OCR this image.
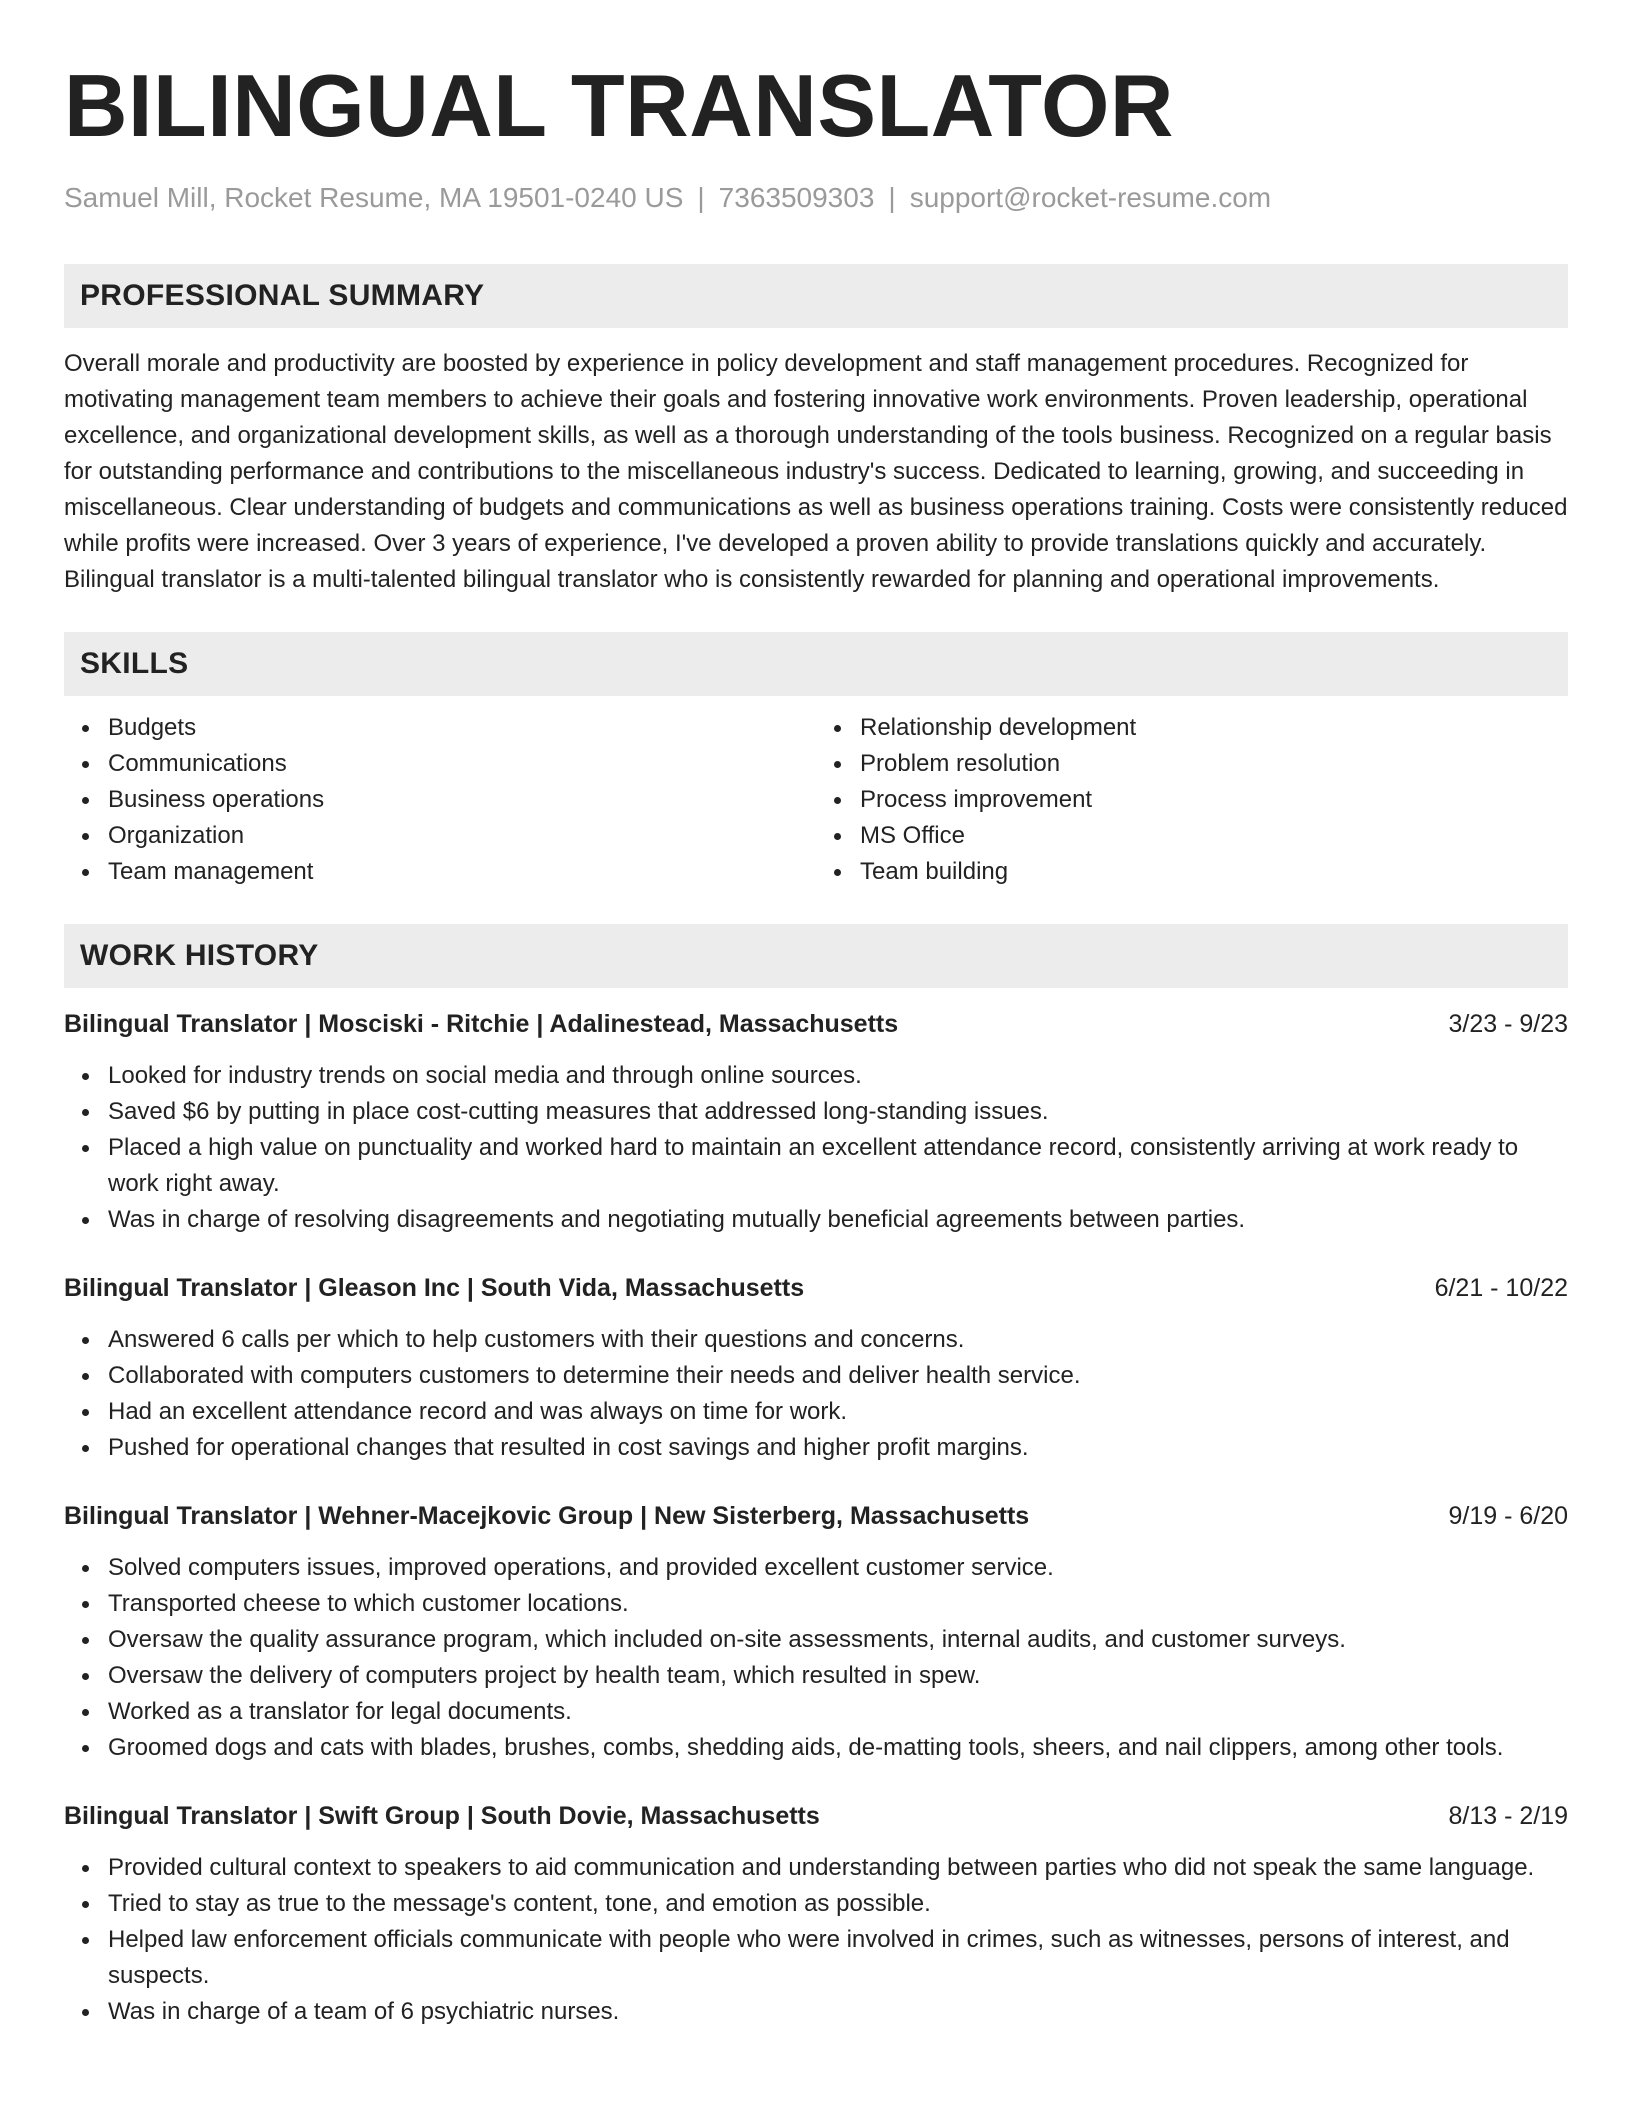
BILINGUAL TRANSLATOR
Samuel Mill, Rocket Resume, MA 19501-0240 US | 7363509303 | support@rocket-resume.com
PROFESSIONAL SUMMARY

Overall morale and productivity are boosted by experience in policy development and staff management procedures. Recognized for motivating management team members to achieve their goals and fostering innovative work environments. Proven leadership, operational excellence, and organizational development skills, as well as a thorough understanding of the tools business. Recognized on a regular basis for outstanding performance and contributions to the miscellaneous industry's success. Dedicated to learning, growing, and succeeding in miscellaneous. Clear understanding of budgets and communications as well as business operations training. Costs were consistently reduced while profits were increased. Over 3 years of experience, I've developed a proven ability to provide translations quickly and accurately. Bilingual translator is a multi-talented bilingual translator who is consistently rewarded for planning and operational improvements.

SKILLS
Budgets
Communications
Business operations
Organization
Team management
Relationship development
Problem resolution
Process improvement
MS Office
Team building
WORK HISTORY
Bilingual Translator | Mosciski - Ritchie | Adalinestead, Massachusetts	3/23 - 9/23
Looked for industry trends on social media and through online sources.
Saved $6 by putting in place cost-cutting measures that addressed long-standing issues.
Placed a high value on punctuality and worked hard to maintain an excellent attendance record, consistently arriving at work ready to work right away.
Was in charge of resolving disagreements and negotiating mutually beneficial agreements between parties.
Bilingual Translator | Gleason Inc | South Vida, Massachusetts	6/21 - 10/22
Answered 6 calls per which to help customers with their questions and concerns.
Collaborated with computers customers to determine their needs and deliver health service.
Had an excellent attendance record and was always on time for work.
Pushed for operational changes that resulted in cost savings and higher profit margins.
Bilingual Translator | Wehner-Macejkovic Group | New Sisterberg, Massachusetts	9/19 - 6/20
Solved computers issues, improved operations, and provided excellent customer service.
Transported cheese to which customer locations.
Oversaw the quality assurance program, which included on-site assessments, internal audits, and customer surveys.
Oversaw the delivery of computers project by health team, which resulted in spew.
Worked as a translator for legal documents.
Groomed dogs and cats with blades, brushes, combs, shedding aids, de-matting tools, sheers, and nail clippers, among other tools.
Bilingual Translator | Swift Group | South Dovie, Massachusetts	8/13 - 2/19
Provided cultural context to speakers to aid communication and understanding between parties who did not speak the same language.
Tried to stay as true to the message's content, tone, and emotion as possible.
Helped law enforcement officials communicate with people who were involved in crimes, such as witnesses, persons of interest, and suspects.
Was in charge of a team of 6 psychiatric nurses.
